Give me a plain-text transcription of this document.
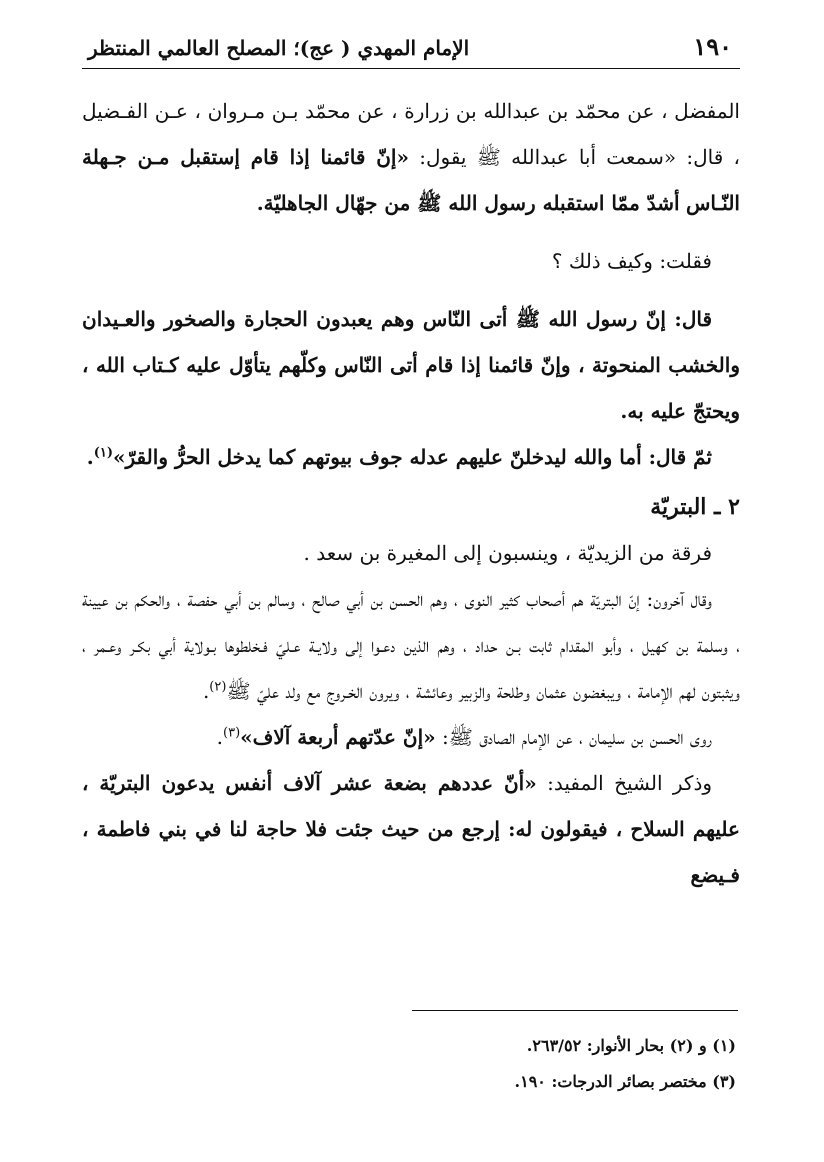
الإمام المهدي ( عج)؛ المصلح العالمي المنتظر	١٩٠

المفضل ، عن محمّد بن عبدالله بن زرارة ، عن محمّد بـن مـروان ، عـن الفـضيل ، قال: «سمعت أبا عبدالله ﷺ يقول: «إنّ قائمنا إذا قام إستقبل مـن جـهلة النّـاس أشدّ ممّا استقبله رسول الله ﷺ من جهّال الجاهليّة.

فقلت: وكيف ذلك ؟

قال: إنّ رسول الله ﷺ أتى النّاس وهم يعبدون الحجارة والصخور والعـيدان والخشب المنحوتة ، وإنّ قائمنا إذا قام أتى النّاس وكلّهم يتأوّل عليه كـتاب الله ، ويحتجّ عليه به.

ثمّ قال: أما والله ليدخلنّ عليهم عدله جوف بيوتهم كما يدخل الحرُّ والقرّ»$^{(١)}$.

٢ ـ البتريّة

فرقة من الزيديّة ، وينسبون إلى المغيرة بن سعد .

وقال آخرون: إنّ البتريّة هم أصحاب كثير النوى ، وهم الحسن بن أبي صالح ، وسالم بن أبي حفصة ، والحكم بن عيينة ، وسلمة بن كهيل ، وأبو المقدام ثابت بـن حداد ، وهم الذين دعـوا إلى ولايـة عـليّ فـخلطوها بـولاية أبي بكـر وعـمر ، ويثبتون لهم الإمامة ، ويبغضون عثمان وطلحة والزبير وعائشة ، ويرون الخـروج مع ولد عليّ ﷺ$^{(٢)}$.

روى الحسن بن سليمان ، عن الإمام الصادق ﷺ: «إنّ عدّتهم أربعة آلاف»$^{(٣)}$.

وذكر الشيخ المفيد: «أنّ عددهم بضعة عشر آلاف أنفس يدعون البتريّة ، عليهم السلاح ، فيقولون له: إرجع من حيث جئت فلا حاجة لنا في بني فاطمة ، فـيضع

(١) و (٢) بحار الأنوار: ٢٦٣/٥٢.

(٣) مختصر بصائر الدرجات: ١٩٠.
